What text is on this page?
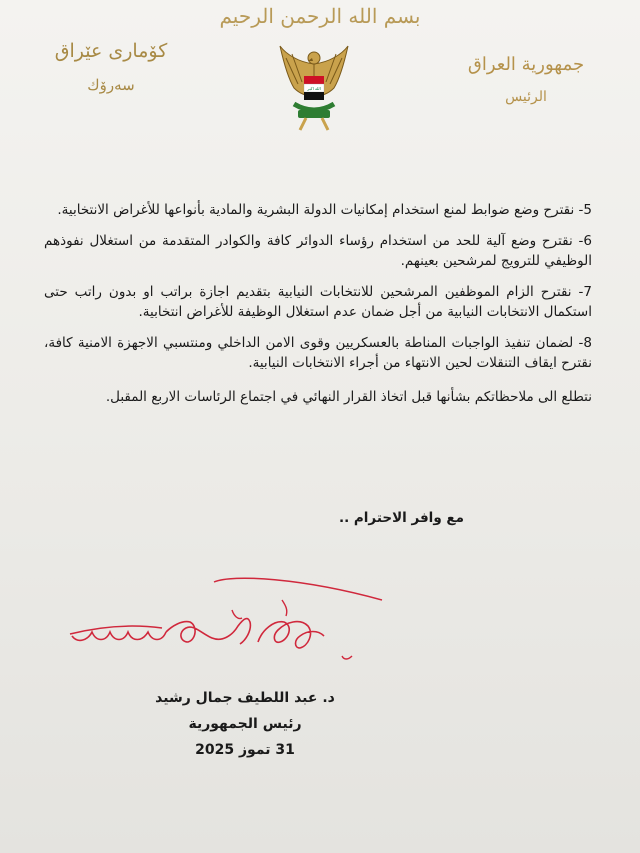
بسم الله الرحمن الرحيم
كۆماری عێراق
سەرۆك	الله اكبر
جمهورية العراق
الرئيس

5- نقترح وضع ضوابط لمنع استخدام إمكانيات الدولة البشرية والمادية بأنواعها للأغراض الانتخابية.

6- نقترح وضع آلية للحد من استخدام رؤساء الدوائر كافة والكوادر المتقدمة من استغلال نفوذهم الوظيفي للترويج لمرشحين بعينهم.

7- نقترح الزام الموظفين المرشحين للانتخابات النيابية بتقديم اجازة براتب او بدون راتب حتى استكمال الانتخابات النيابية من أجل ضمان عدم استغلال الوظيفة للأغراض انتخابية.

8- لضمان تنفيذ الواجبات المناطة بالعسكريين وقوى الامن الداخلي ومنتسبي الاجهزة الامنية كافة، نقترح ايقاف التنقلات لحين الانتهاء من أجراء الانتخابات النيابية.

نتطلع الى ملاحظاتكم بشأنها قبل اتخاذ القرار النهائي في اجتماع الرئاسات الاربع المقبل.

مع وافر الاحترام ..
د. عبد اللطيف جمال رشيد
رئيس الجمهورية
31 تموز 2025
